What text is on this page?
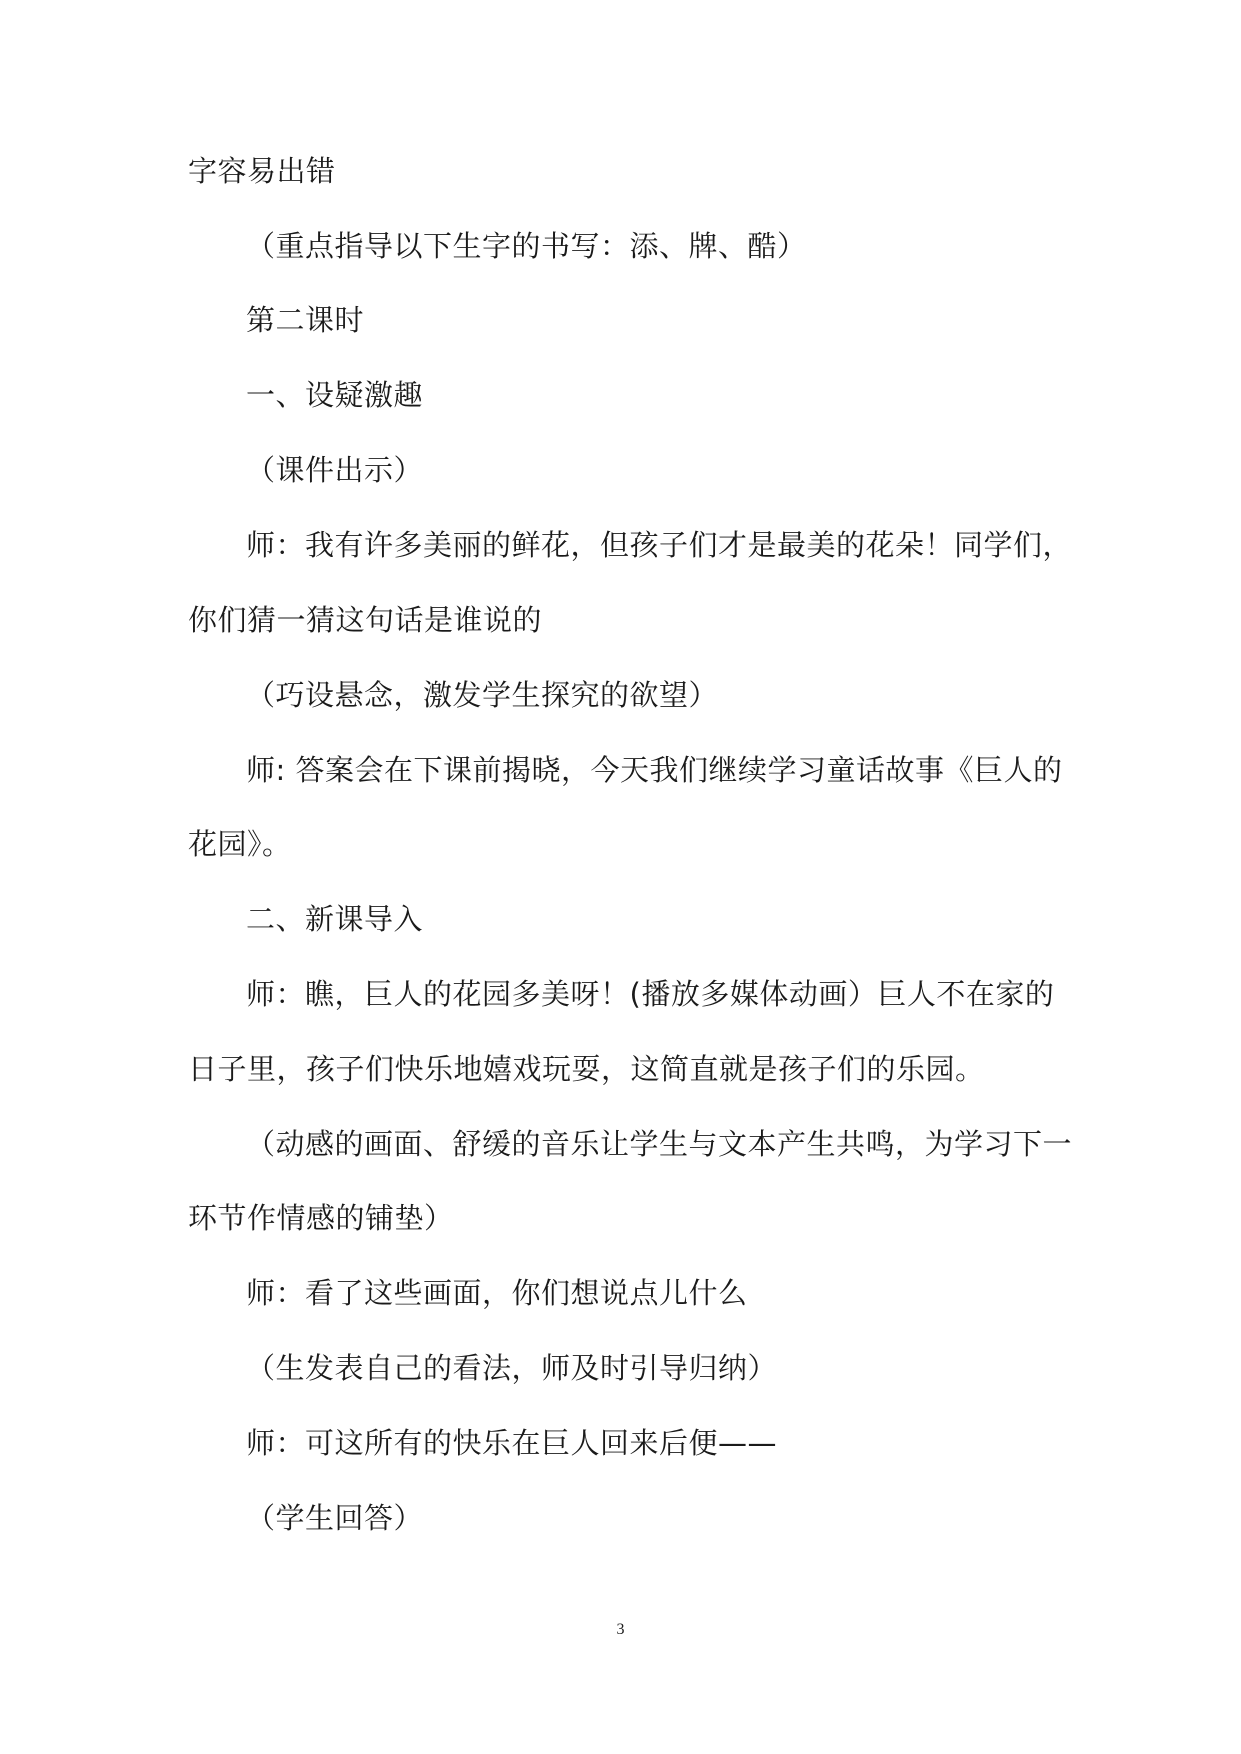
字容易出错

（重点指导以下生字的书写：添、牌、酷）

第二课时

一、设疑激趣

（课件出示）

师：我有许多美丽的鲜花，但孩子们才是最美的花朵！同学们，

你们猜一猜这句话是谁说的

（巧设悬念，激发学生探究的欲望）

师: 答案会在下课前揭晓，今天我们继续学习童话故事《巨人的

花园》。

二、新课导入

师：瞧，巨人的花园多美呀！(播放多媒体动画）巨人不在家的

日子里，孩子们快乐地嬉戏玩耍，这简直就是孩子们的乐园。

（动感的画面、舒缓的音乐让学生与文本产生共鸣，为学习下一

环节作情感的铺垫）

师：看了这些画面，你们想说点儿什么

（生发表自己的看法，师及时引导归纳）

师：可这所有的快乐在巨人回来后便——

（学生回答）

3
